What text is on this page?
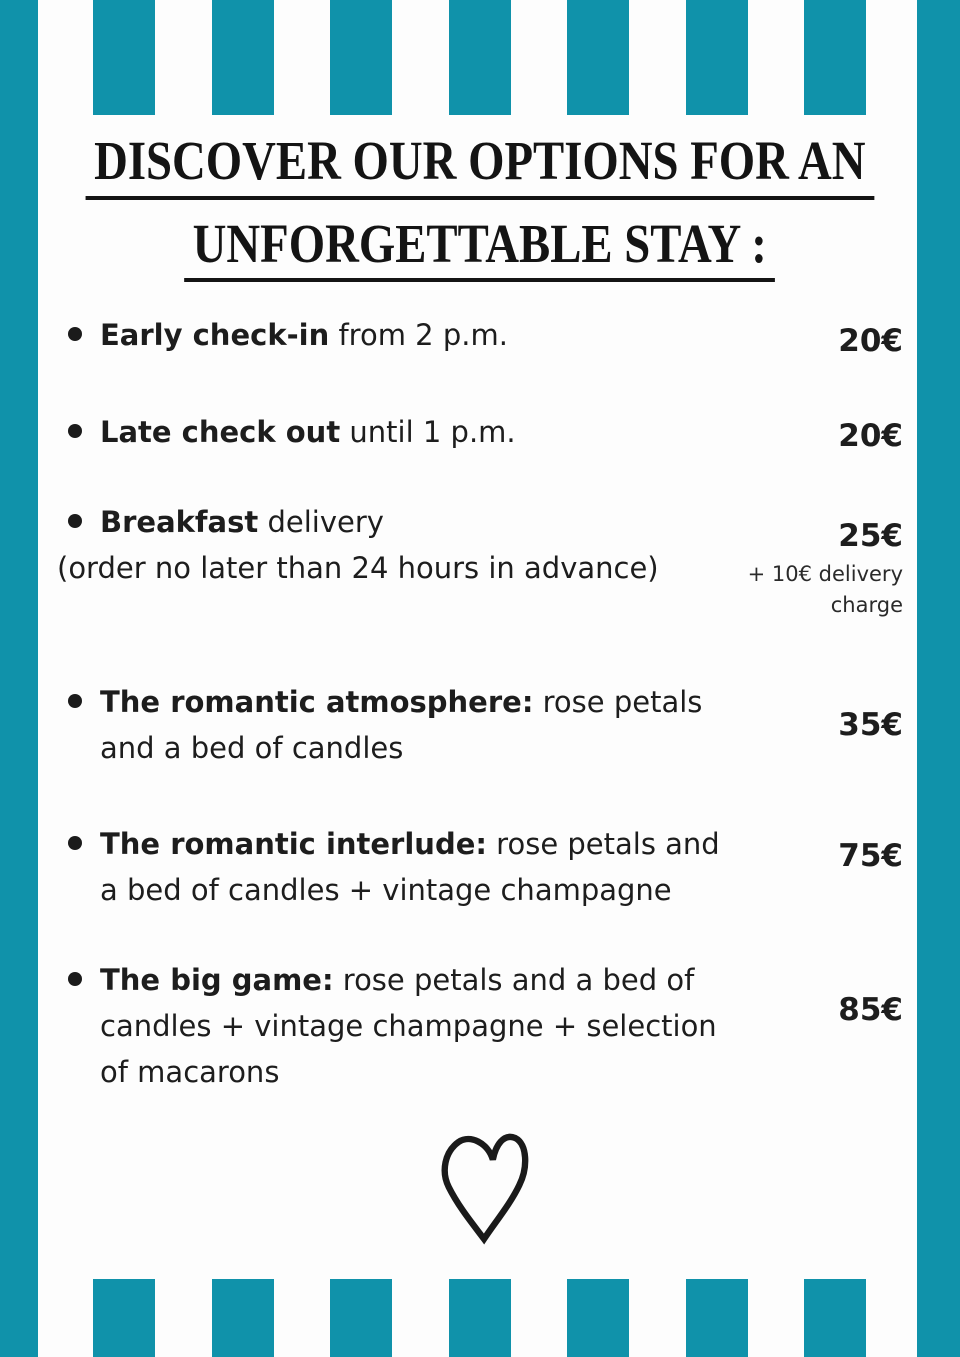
DISCOVER OUR OPTIONS FOR AN
UNFORGETTABLE STAY :
Early check-in from 2 p.m.	20€
Late check out until 1 p.m.	20€
Breakfast delivery
(order no later than 24 hours in advance)
25€
+ 10€ delivery
charge
The romantic atmosphere: rose petals
and a bed of candles
35€
The romantic interlude: rose petals and
a bed of candles + vintage champagne
75€
The big game: rose petals and a bed of
candles + vintage champagne + selection
of macarons
85€
